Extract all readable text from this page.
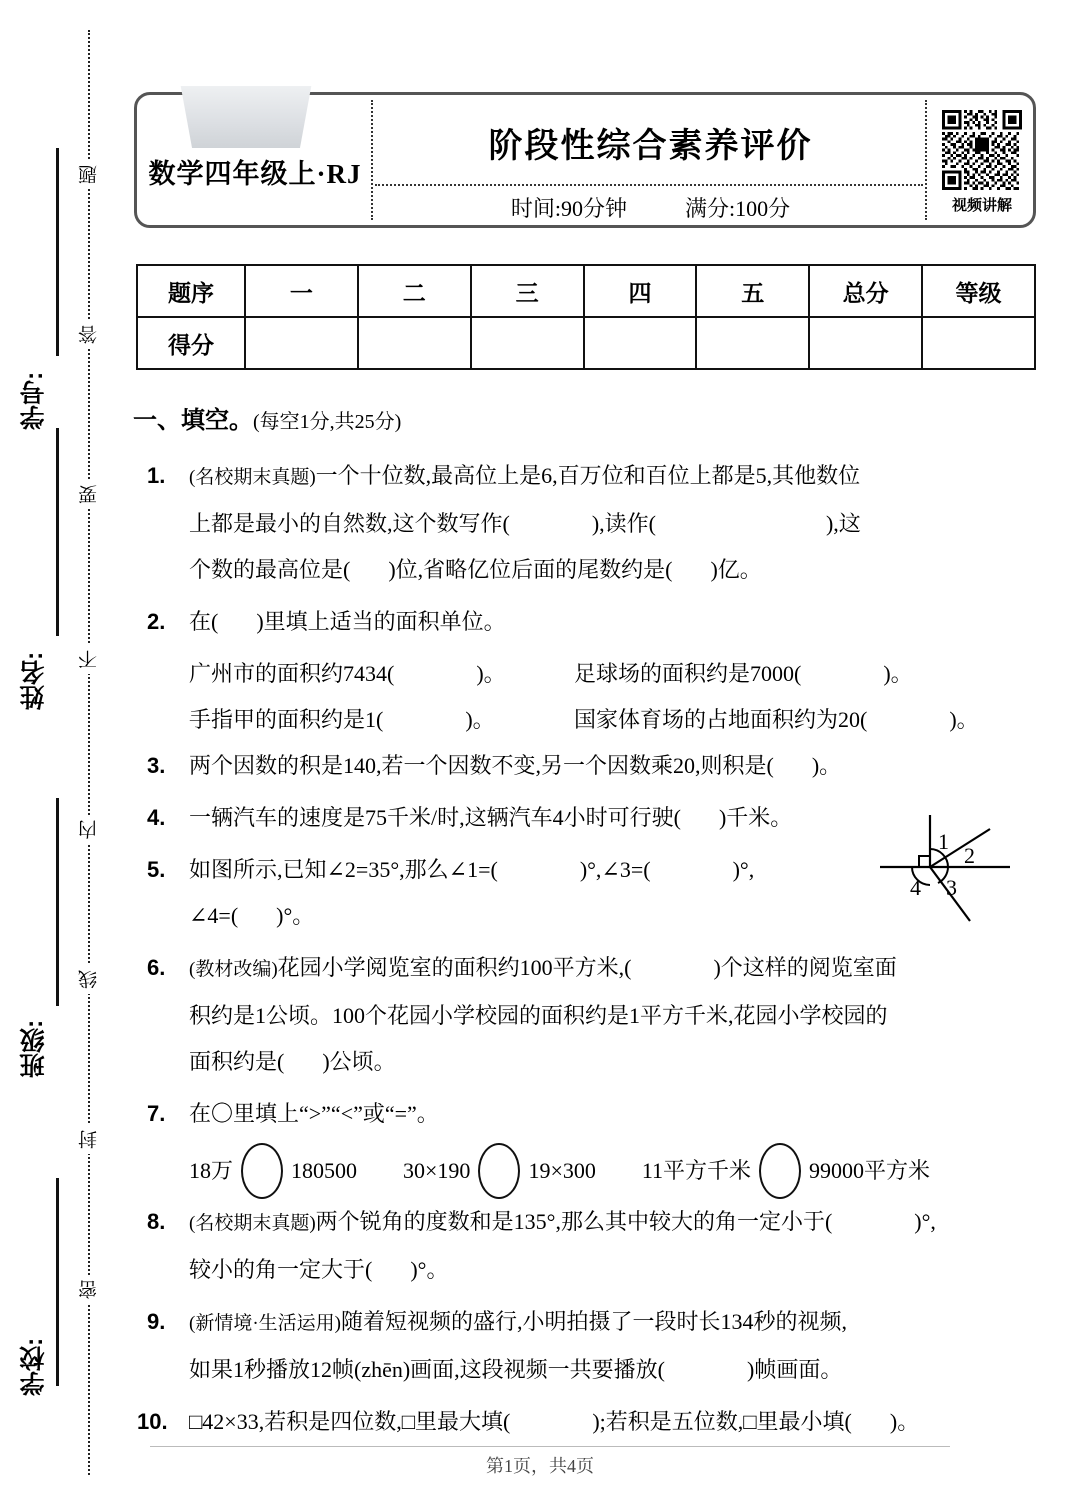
题
答
要
不
内
线
封
密
学号:
姓名:
班级:
学校:
数学四年级上·RJ
阶段性综合素养评价
时间:90分钟	满分:100分	视频讲解
题序	一	二	三	四	五	总分	等级
得分							
一、填空。(每空1分,共25分)
1. (名校期末真题)一个十位数,最高位上是6,百万位和百位上都是5,其他数位
上都是最小的自然数,这个数写作(	),读作(	),这
个数的最高位是( )位,省略亿位后面的尾数约是( )亿。
2. 在( )里填上适当的面积单位。
广州市的面积约7434(	)。	足球场的面积约是7000(	)。
手指甲的面积约是1(	)。	国家体育场的占地面积约为20(	)。
3. 两个因数的积是140,若一个因数不变,另一个因数乘20,则积是( )。
4. 一辆汽车的速度是75千米/时,这辆汽车4小时可行驶( )千米。
5. 如图所示,已知∠2=35°,那么∠1=(	)°,∠3=(	)°,
∠4=( )°。
1
2
3
4
6. (教材改编)花园小学阅览室的面积约100平方米,(	)个这样的阅览室面
积约是1公顷。100个花园小学校园的面积约是1平方千米,花园小学校园的
面积约是( )公顷。
7. 在〇里填上“>”“<”或“=”。
18万	180500 30×190	19×300 11平方千米	99000平方米
8. (名校期末真题)两个锐角的度数和是135°,那么其中较大的角一定小于(	)°,
较小的角一定大于( )°。
9. (新情境·生活运用)随着短视频的盛行,小明拍摄了一段时长134秒的视频,
如果1秒播放12帧(zhēn)画面,这段视频一共要播放(	)帧画面。
10. □42×33,若积是四位数,□里最大填(	);若积是五位数,□里最小填( )。
第1页，共4页
